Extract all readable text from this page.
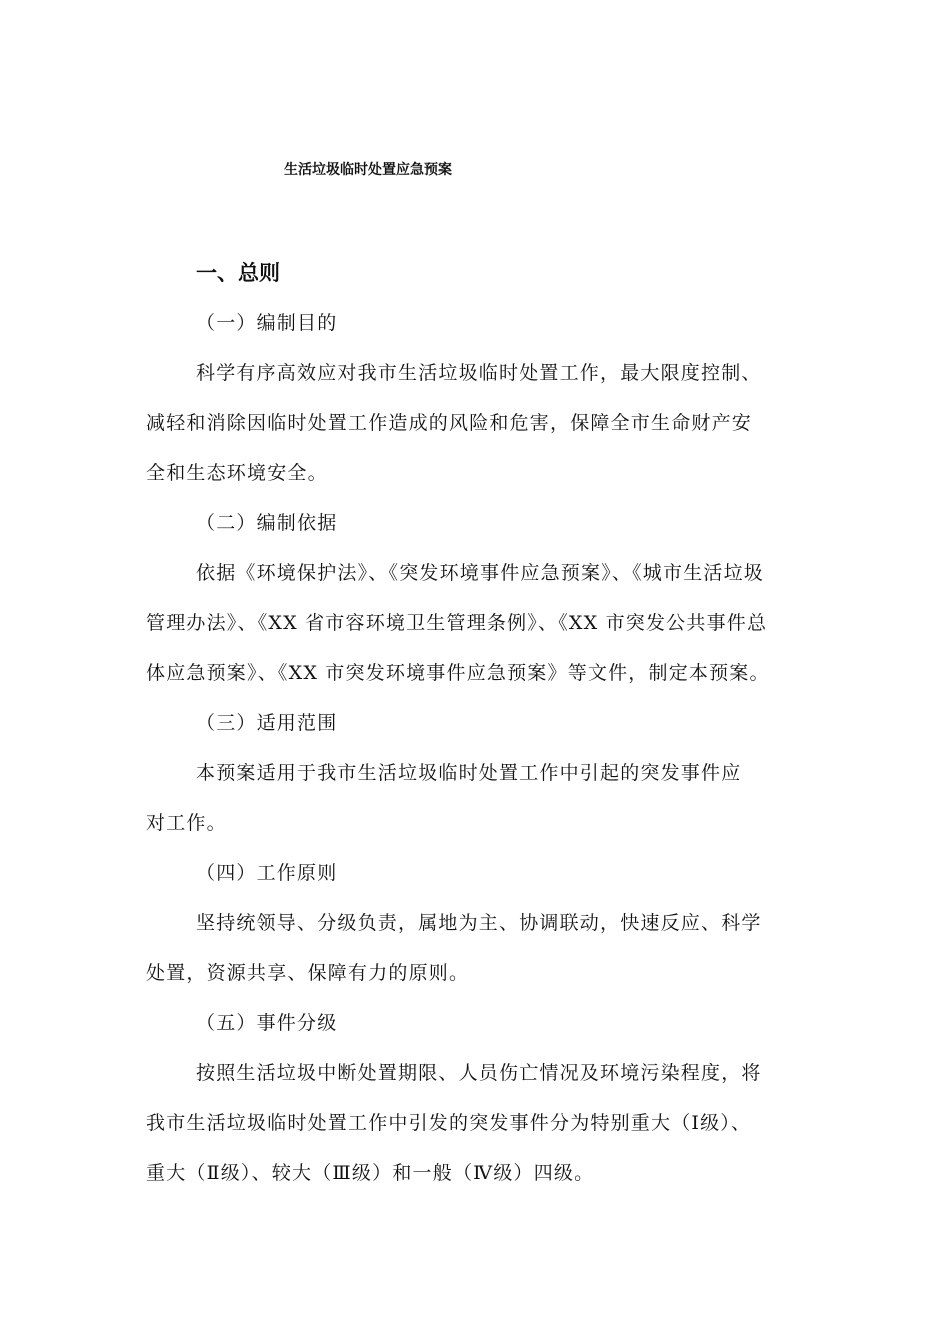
生活垃圾临时处置应急预案
一、总则
（一）编制目的
科学有序高效应对我市生活垃圾临时处置工作，最大限度控制、
减轻和消除因临时处置工作造成的风险和危害，保障全市生命财产安
全和生态环境安全。
（二）编制依据
依据《环境保护法》、《突发环境事件应急预案》、《城市生活垃圾
管理办法》、《XX 省市容环境卫生管理条例》、《XX 市突发公共事件总
体应急预案》、《XX 市突发环境事件应急预案》等文件，制定本预案。
（三）适用范围
本预案适用于我市生活垃圾临时处置工作中引起的突发事件应
对工作。
（四）工作原则
坚持统领导、分级负责，属地为主、协调联动，快速反应、科学
处置，资源共享、保障有力的原则。
（五）事件分级
按照生活垃圾中断处置期限、人员伤亡情况及环境污染程度，将
我市生活垃圾临时处置工作中引发的突发事件分为特别重大（Ⅰ级）、
重大（Ⅱ级）、较大（Ⅲ级）和一般（Ⅳ级）四级。
